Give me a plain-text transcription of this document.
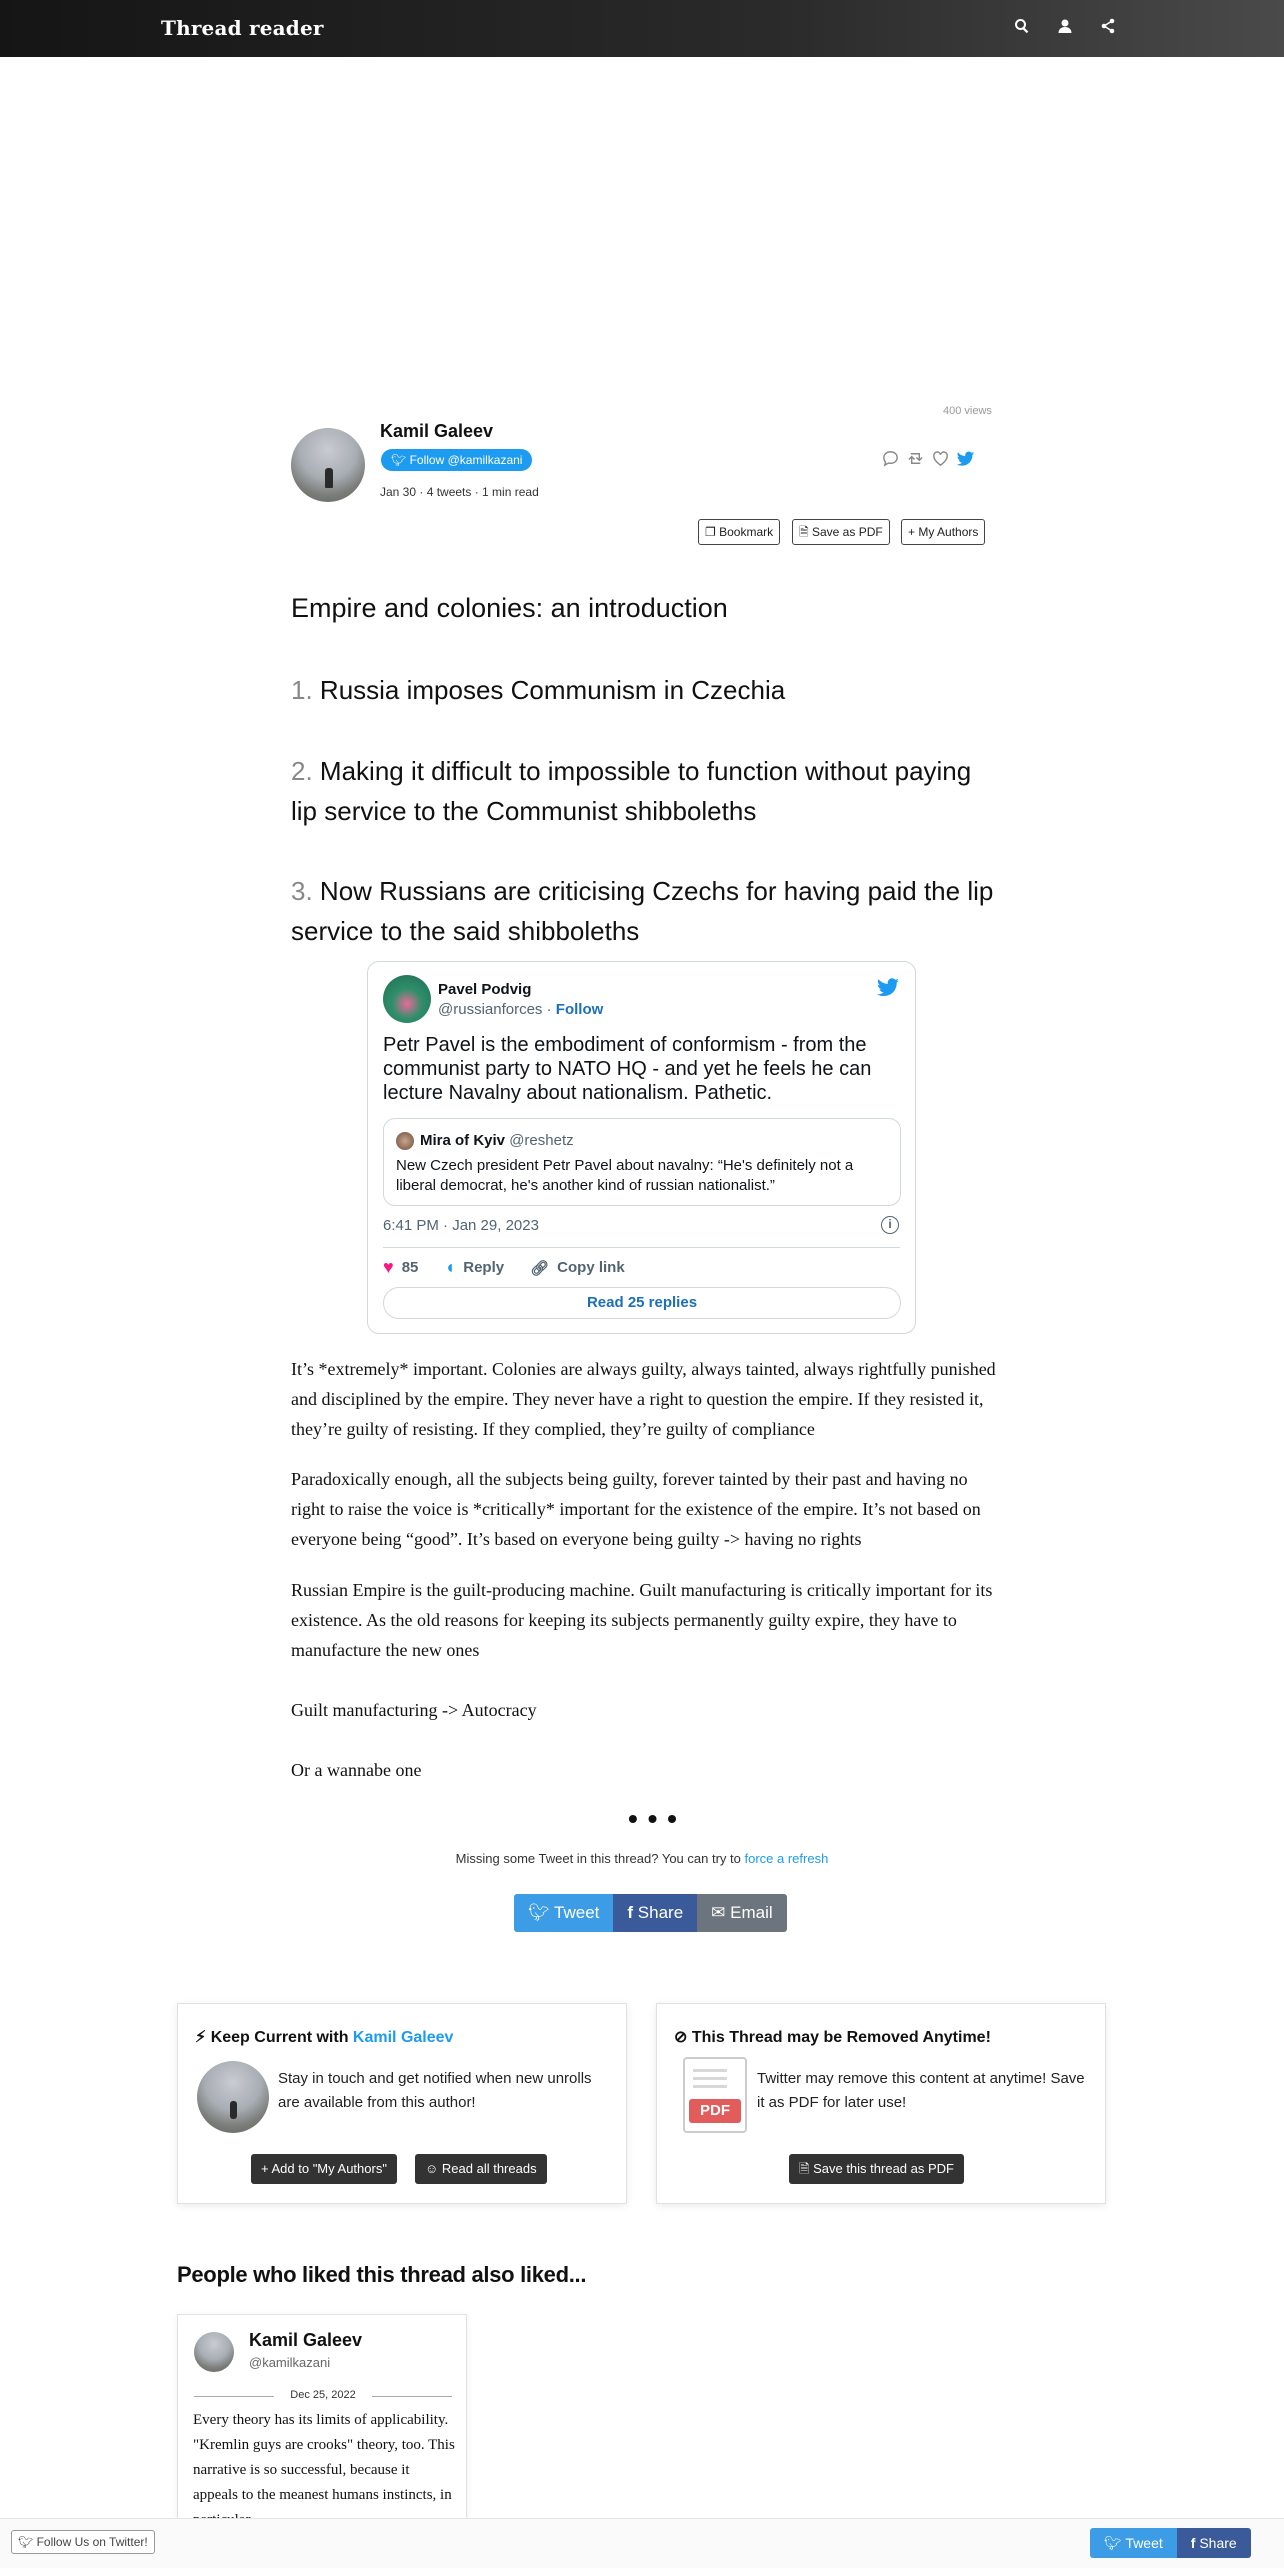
Thread reader
400 views
Kamil Galeev
🐦︎ Follow @kamilkazani
Jan 30 · 4 tweets · 1 min read
❐ Bookmark	🗎︎ Save as PDF	+ My Authors
Empire and colonies: an introduction
1. Russia imposes Communism in Czechia
2. Making it difficult to impossible to function without paying lip service to the Communist shibboleths
3. Now Russians are criticising Czechs for having paid the lip service to the said shibboleths
Pavel Podvig
@russianforces · Follow
Petr Pavel is the embodiment of conformism - from the communist party to NATO HQ - and yet he feels he can lecture Navalny about nationalism. Pathetic.
Mira of Kyiv @reshetz
New Czech president Petr Pavel about navalny: “He's definitely not a liberal democrat, he's another kind of russian nationalist.”
6:41 PM · Jan 29, 2023	i
♥ 85 ◖ Reply 🔗︎ Copy link
Read 25 replies
It’s *extremely* important. Colonies are always guilty, always tainted, always rightfully punished and disciplined by the empire. They never have a right to question the empire. If they resisted it, they’re guilty of resisting. If they complied, they’re guilty of compliance
Paradoxically enough, all the subjects being guilty, forever tainted by their past and having no right to raise the voice is *critically* important for the existence of the empire. It’s not based on everyone being “good”. It’s based on everyone being guilty -> having no rights
Russian Empire is the guilt-producing machine. Guilt manufacturing is critically important for its existence. As the old reasons for keeping its subjects permanently guilty expire, they have to manufacture the new ones
Guilt manufacturing -> Autocracy
Or a wannabe one
• • •
Missing some Tweet in this thread? You can try to force a refresh
🐦︎ Tweet	f Share	✉ Email
⚡︎ Keep Current with Kamil Galeev
Stay in touch and get notified when new unrolls are available from this author!
+ Add to "My Authors"	☺︎ Read all threads
⊘ This Thread may be Removed Anytime!
PDF
Twitter may remove this content at anytime! Save it as PDF for later use!
🗎︎ Save this thread as PDF
People who liked this thread also liked...
Kamil Galeev
@kamilkazani
Dec 25, 2022
Every theory has its limits of applicability. "Kremlin guys are crooks" theory, too. This narrative is so successful, because it appeals to the meanest humans instincts, in
🐦︎ Follow Us on Twitter!	🐦︎ Tweet	f Share
